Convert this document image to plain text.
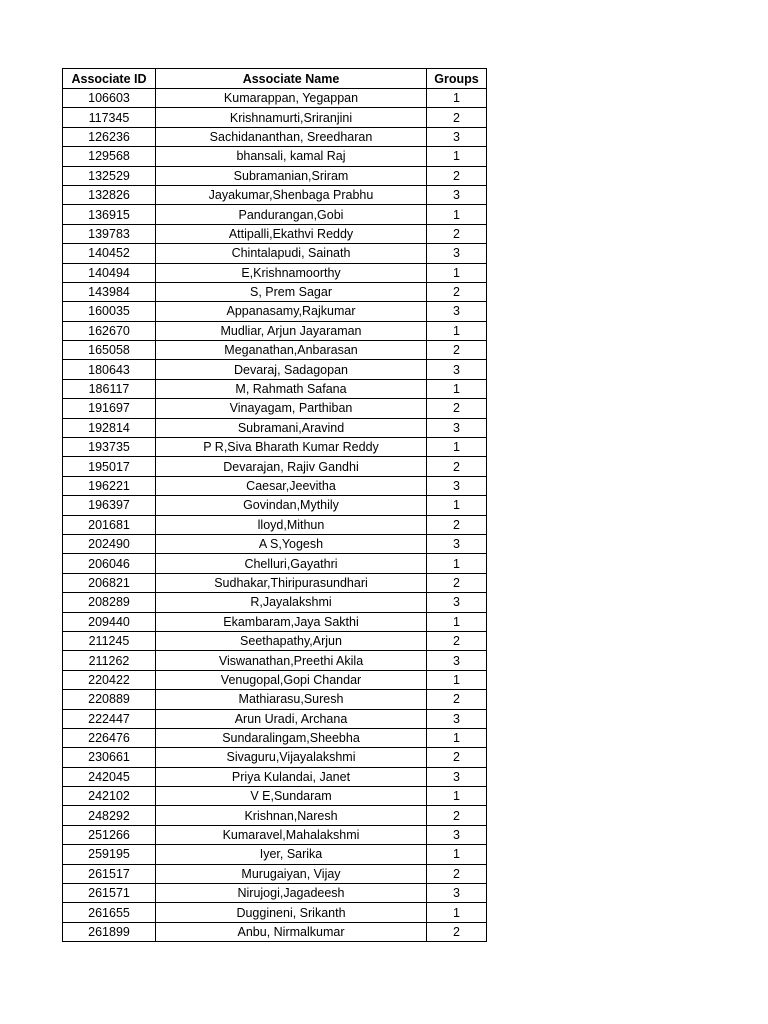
Associate ID	Associate Name	Groups
106603	Kumarappan, Yegappan	1
117345	Krishnamurti,Sriranjini	2
126236	Sachidananthan, Sreedharan	3
129568	bhansali, kamal Raj	1
132529	Subramanian,Sriram	2
132826	Jayakumar,Shenbaga Prabhu	3
136915	Pandurangan,Gobi	1
139783	Attipalli,Ekathvi Reddy	2
140452	Chintalapudi, Sainath	3
140494	E,Krishnamoorthy	1
143984	S, Prem Sagar	2
160035	Appanasamy,Rajkumar	3
162670	Mudliar, Arjun Jayaraman	1
165058	Meganathan,Anbarasan	2
180643	Devaraj, Sadagopan	3
186117	M, Rahmath Safana	1
191697	Vinayagam, Parthiban	2
192814	Subramani,Aravind	3
193735	P R,Siva Bharath Kumar Reddy	1
195017	Devarajan, Rajiv Gandhi	2
196221	Caesar,Jeevitha	3
196397	Govindan,Mythily	1
201681	lloyd,Mithun	2
202490	A S,Yogesh	3
206046	Chelluri,Gayathri	1
206821	Sudhakar,Thiripurasundhari	2
208289	R,Jayalakshmi	3
209440	Ekambaram,Jaya Sakthi	1
211245	Seethapathy,Arjun	2
211262	Viswanathan,Preethi Akila	3
220422	Venugopal,Gopi Chandar	1
220889	Mathiarasu,Suresh	2
222447	Arun Uradi, Archana	3
226476	Sundaralingam,Sheebha	1
230661	Sivaguru,Vijayalakshmi	2
242045	Priya Kulandai, Janet	3
242102	V E,Sundaram	1
248292	Krishnan,Naresh	2
251266	Kumaravel,Mahalakshmi	3
259195	Iyer, Sarika	1
261517	Murugaiyan, Vijay	2
261571	Nirujogi,Jagadeesh	3
261655	Duggineni, Srikanth	1
261899	Anbu, Nirmalkumar	2
